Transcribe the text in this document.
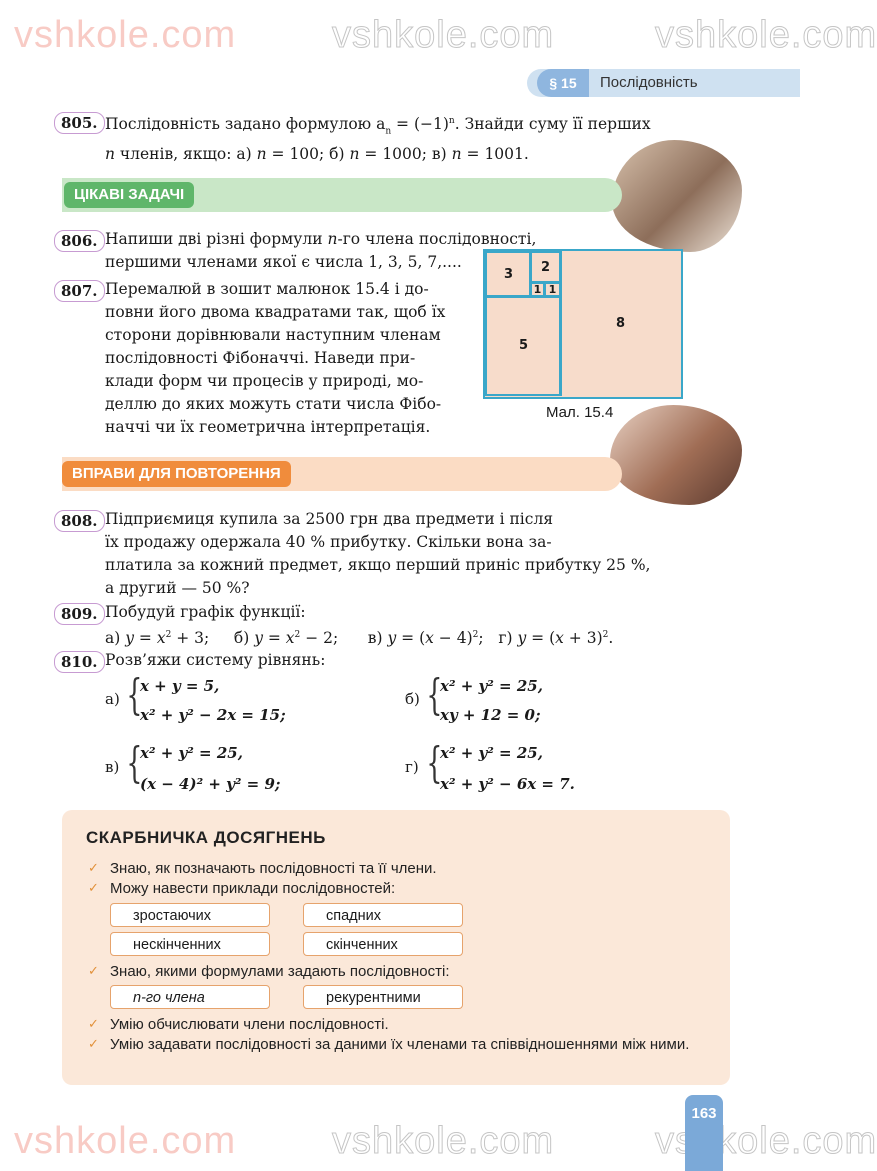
vshkole.com	vshkole.com	vshkole.com
vshkole.com	vshkole.com	vshkole.com
§ 15	Послідовність
805. Послідовність задано формулою $a_n = (-1)^n$. Знайди суму її перших
n членів, якщо: а) n = 100; б) n = 1000; в) n = 1001.
ЦІКАВІ ЗАДАЧІ
806. Напиши дві різні формули n-го члена послідовності,
першими членами якої є числа 1, 3, 5, 7,....
807. Перемалюй в зошит малюнок 15.4 і до-
повни його двома квадратами так, щоб їх
сторони дорівнювали наступним членам
послідовності Фібоначчі. Наведи при-
клади форм чи процесів у природі, мо-
деллю до яких можуть стати числа Фібо-
наччі чи їх геометрична інтерпретація.
3 2
1 1
5
8
Мал. 15.4
ВПРАВИ ДЛЯ ПОВТОРЕННЯ
808. Підприємиця купила за 2500 грн два предмети і після
їх продажу одержала 40 % прибутку. Скільки вона за-
платила за кожний предмет, якщо перший приніс прибутку 25 %,
а другий — 50 %?
809. Побудуй графік функції:
а) $y = x^2 + 3$;     б) $y = x^2 - 2$;      в) $y = (x - 4)^2$;   г) $y = (x + 3)^2$.
810. Розв’яжи систему рівнянь:
а) {
x + y = 5,
x² + y² − 2x = 15;
б) {
x² + y² = 25,
xy + 12 = 0;
в) {
x² + y² = 25,
(x − 4)² + y² = 9;
г) {
x² + y² = 25,
x² + y² − 6x = 7.
СКАРБНИЧКА ДОСЯГНЕНЬ
✓ Знаю, як позначають послідовності та її члени.
✓ Можу навести приклади послідовностей:
зростаючих	спадних
нескінченних	скінченних
✓ Знаю, якими формулами задають послідовності:
n-го члена	рекурентними
✓ Умію обчислювати члени послідовності.
✓ Умію задавати послідовності за даними їх членами та співвідношеннями між ними.
163
